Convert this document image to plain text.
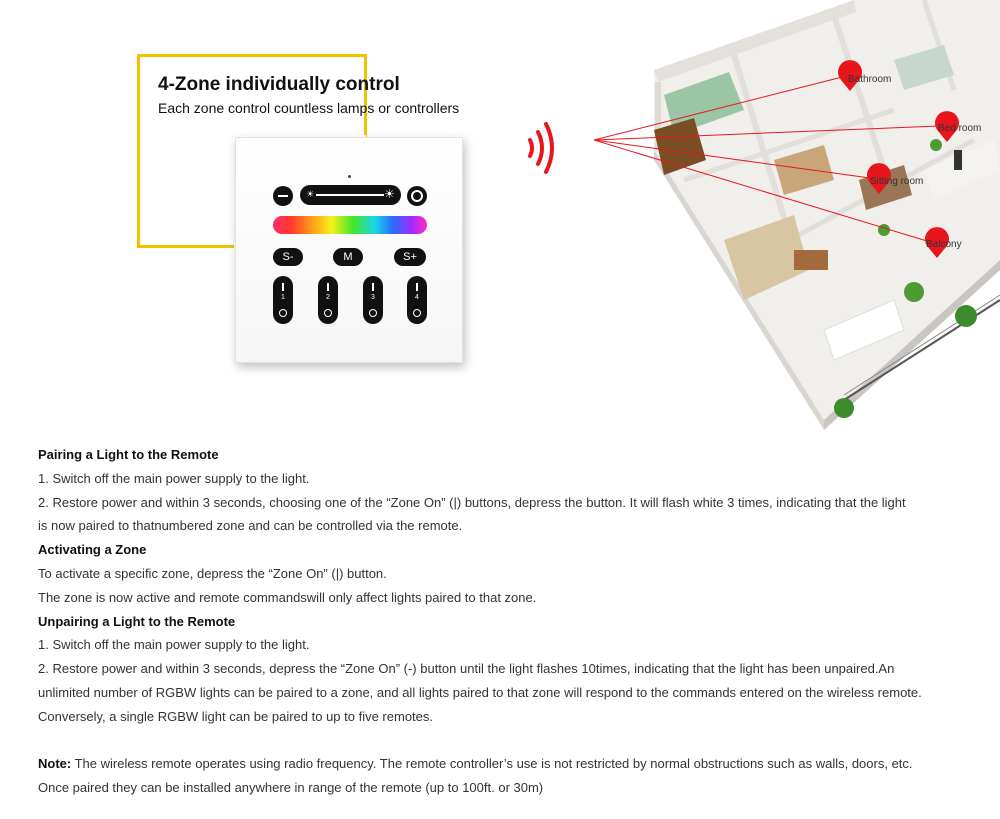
4-Zone individually control
Each zone control countless lamps or controllers
☀	☀
S-	M	S+
1	2	3	4
Bathroom
Bed room
Sitting room
Balcony

Pairing a Light to the Remote

1. Switch off the main power supply to the light.

2. Restore power and within 3 seconds, choosing one of the “Zone On” (|) buttons, depress the button. It will flash white 3 times, indicating that the light

is now paired to thatnumbered zone and can be controlled via the remote.

Activating a Zone

To activate a specific zone, depress the “Zone On” (|) button.

The zone is now active and remote commandswill only affect lights paired to that zone.

Unpairing a Light to the Remote

1. Switch off the main power supply to the light.

2. Restore power and within 3 seconds, depress the “Zone On” (-) button until the light flashes 10times, indicating that the light has been unpaired.An

unlimited number of RGBW lights can be paired to a zone, and all lights paired to that zone will respond to the commands entered on the wireless remote.

Conversely, a single RGBW light can be paired to up to five remotes.

Note: The wireless remote operates using radio frequency. The remote controller’s use is not restricted by normal obstructions such as walls, doors, etc.

Once paired they can be installed anywhere in range of the remote (up to 100ft. or 30m)
